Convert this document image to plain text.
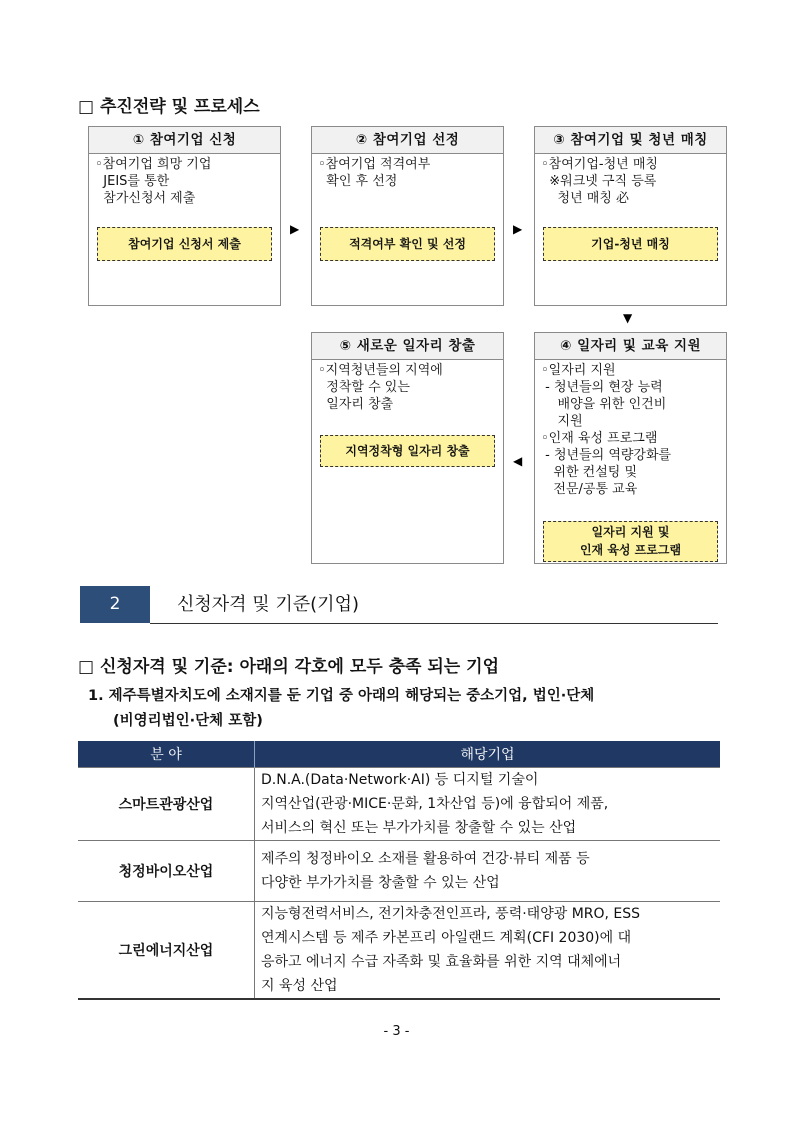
□ 추진전략 및 프로세스
① 참여기업 신청
◦참여기업 희망 기업
JEIS를 통한
참가신청서 제출
참여기업 신청서 제출
▶
② 참여기업 선정
◦참여기업 적격여부
확인 후 선정
적격여부 확인 및 선정
▶
③ 참여기업 및 청년 매칭
◦참여기업-청년 매칭
※워크넷 구직 등록
청년 매칭 必
기업-청년 매칭
▼
⑤ 새로운 일자리 창출
◦지역청년들의 지역에
정착할 수 있는
일자리 창출
지역정착형 일자리 창출
◀
④ 일자리 및 교육 지원
◦일자리 지원
- 청년들의 현장 능력
배양을 위한 인건비
지원
◦인재 육성 프로그램
- 청년들의 역량강화를
위한 컨설팅 및
전문/공통 교육
일자리 지원 및
인재 육성 프로그램
2	신청자격 및 기준(기업)
□ 신청자격 및 기준: 아래의 각호에 모두 충족 되는 기업
1. 제주특별자치도에 소재지를 둔 기업 중 아래의 해당되는 중소기업, 법인·단체
(비영리법인·단체 포함)
분 야	해당기업
스마트관광산업	D.N.A.(Data·Network·AI) 등 디지털 기술이
지역산업(관광·MICE·문화, 1차산업 등)에 융합되어 제품,
서비스의 혁신 또는 부가가치를 창출할 수 있는 산업

청정바이오산업	제주의 청정바이오 소재를 활용하여 건강·뷰티 제품 등
다양한 부가가치를 창출할 수 있는 산업

그린에너지산업	지능형전력서비스, 전기차충전인프라, 풍력·태양광 MRO, ESS
연계시스템 등 제주 카본프리 아일랜드 계획(CFI 2030)에 대
응하고 에너지 수급 자족화 및 효율화를 위한 지역 대체에너
지 육성 산업
- 3 -
